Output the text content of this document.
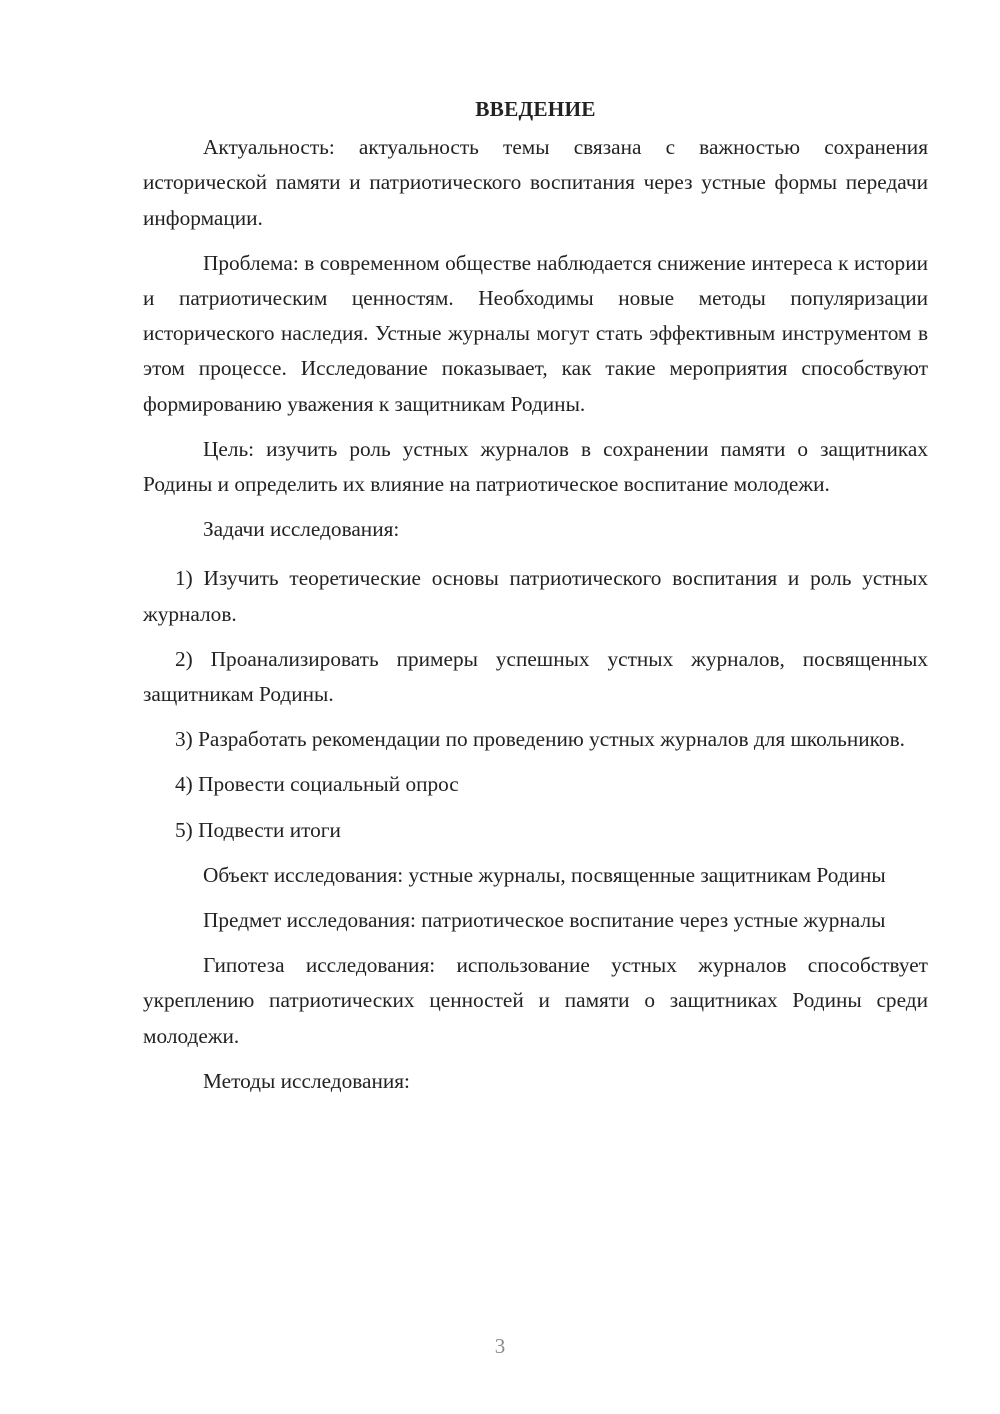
ВВЕДЕНИЕ

Актуальность: актуальность темы связана с важностью сохранения исторической памяти и патриотического воспитания через устные формы передачи информации.

Проблема: в современном обществе наблюдается снижение интереса к истории и патриотическим ценностям. Необходимы новые методы популяризации исторического наследия. Устные журналы могут стать эффективным инструментом в этом процессе. Исследование показывает, как такие мероприятия способствуют формированию уважения к защитникам Родины.

Цель: изучить роль устных журналов в сохранении памяти о защитниках Родины и определить их влияние на патриотическое воспитание молодежи.

Задачи исследования:

1) Изучить теоретические основы патриотического воспитания и роль устных журналов.

2) Проанализировать примеры успешных устных журналов, посвященных защитникам Родины.

3) Разработать рекомендации по проведению устных журналов для школьников.

4) Провести социальный опрос

5) Подвести итоги

Объект исследования: устные журналы, посвященные защитникам Родины

Предмет исследования: патриотическое воспитание через устные журналы

Гипотеза исследования: использование устных журналов способствует укреплению патриотических ценностей и памяти о защитниках Родины среди молодежи.

Методы исследования:

3
